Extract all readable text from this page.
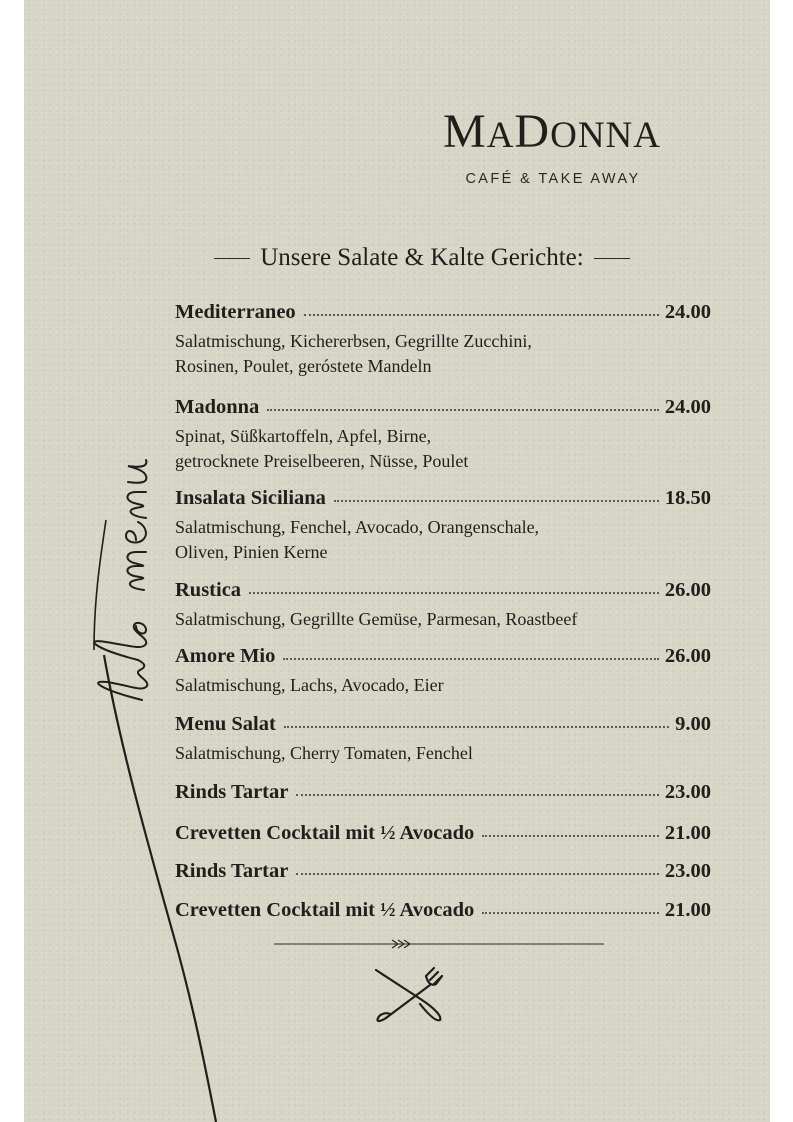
MADONNA
CAFÉ & TAKE AWAY
Unsere Salate & Kalte Gerichte:
Mediterraneo	24.00
Salatmischung, Kichererbsen, Gegrillte Zucchini,
Rosinen, Poulet, geróstete Mandeln
Madonna	24.00
Spinat, Süßkartoffeln, Apfel, Birne,
getrocknete Preiselbeeren, Nüsse, Poulet
Insalata Siciliana	18.50
Salatmischung, Fenchel, Avocado, Orangenschale,
Oliven, Pinien Kerne
Rustica	26.00
Salatmischung, Gegrillte Gemüse, Parmesan, Roastbeef
Amore Mio	26.00
Salatmischung, Lachs, Avocado, Eier
Menu Salat	9.00
Salatmischung, Cherry Tomaten, Fenchel
Rinds Tartar	23.00
Crevetten Cocktail mit ½ Avocado	21.00
Rinds Tartar	23.00
Crevetten Cocktail mit ½ Avocado	21.00
